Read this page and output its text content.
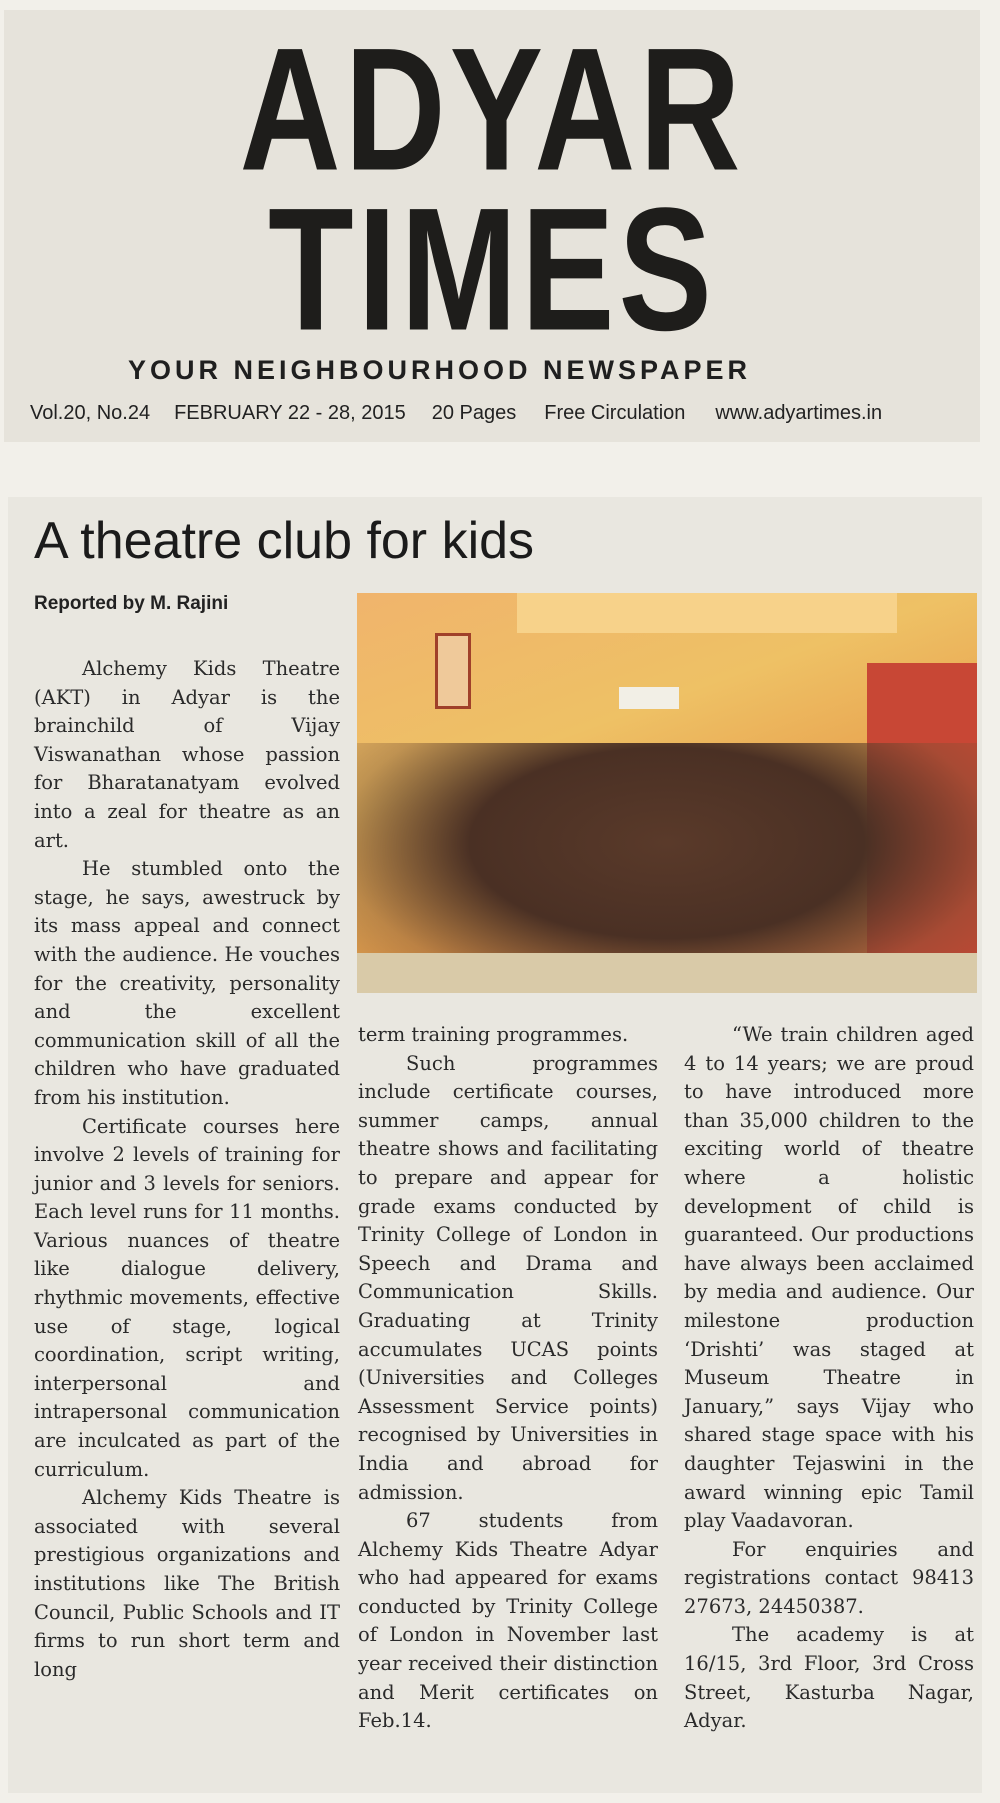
ADYAR
TIMES
YOUR NEIGHBOURHOOD NEWSPAPER
Vol.20, No.24 FEBRUARY 22 - 28, 2015 20 Pages Free Circulation www.adyartimes.in
A theatre club for kids
Reported by M. Rajini

Alchemy Kids Theatre (AKT) in Adyar is the brainchild of Vijay Viswanathan whose passion for Bharatanatyam evolved into a zeal for theatre as an art.

He stumbled onto the stage, he says, awestruck by its mass appeal and connect with the audience. He vouches for the creativity, personality and the excellent communication skill of all the children who have graduated from his institution.

Certificate courses here involve 2 levels of training for junior and 3 levels for seniors. Each level runs for 11 months. Various nuances of theatre like dialogue delivery, rhythmic movements, effective use of stage, logical coordination, script writing, interpersonal and intrapersonal communication are inculcated as part of the curriculum.

Alchemy Kids Theatre is associated with several prestigious organizations and institutions like The British Council, Public Schools and IT firms to run short term and long

term training programmes.

Such programmes include certificate courses, summer camps, annual theatre shows and facilitating to prepare and appear for grade exams conducted by Trinity College of London in Speech and Drama and Communication Skills. Graduating at Trinity accumulates UCAS points (Universities and Colleges Assessment Service points) recognised by Universities in India and abroad for admission.

67 students from Alchemy Kids Theatre Adyar who had appeared for exams conducted by Trinity College of London in November last year received their distinction and Merit certificates on Feb.14.

“We train children aged 4 to 14 years; we are proud to have introduced more than 35,000 children to the exciting world of theatre where a holistic development of child is guaranteed. Our productions have always been acclaimed by media and audience. Our milestone production ‘Drishti’ was staged at Museum Theatre in January,” says Vijay who shared stage space with his daughter Tejaswini in the award winning epic Tamil play Vaadavoran.

For enquiries and registrations contact 98413 27673, 24450387.

The academy is at 16/15, 3rd Floor, 3rd Cross Street, Kasturba Nagar, Adyar.
